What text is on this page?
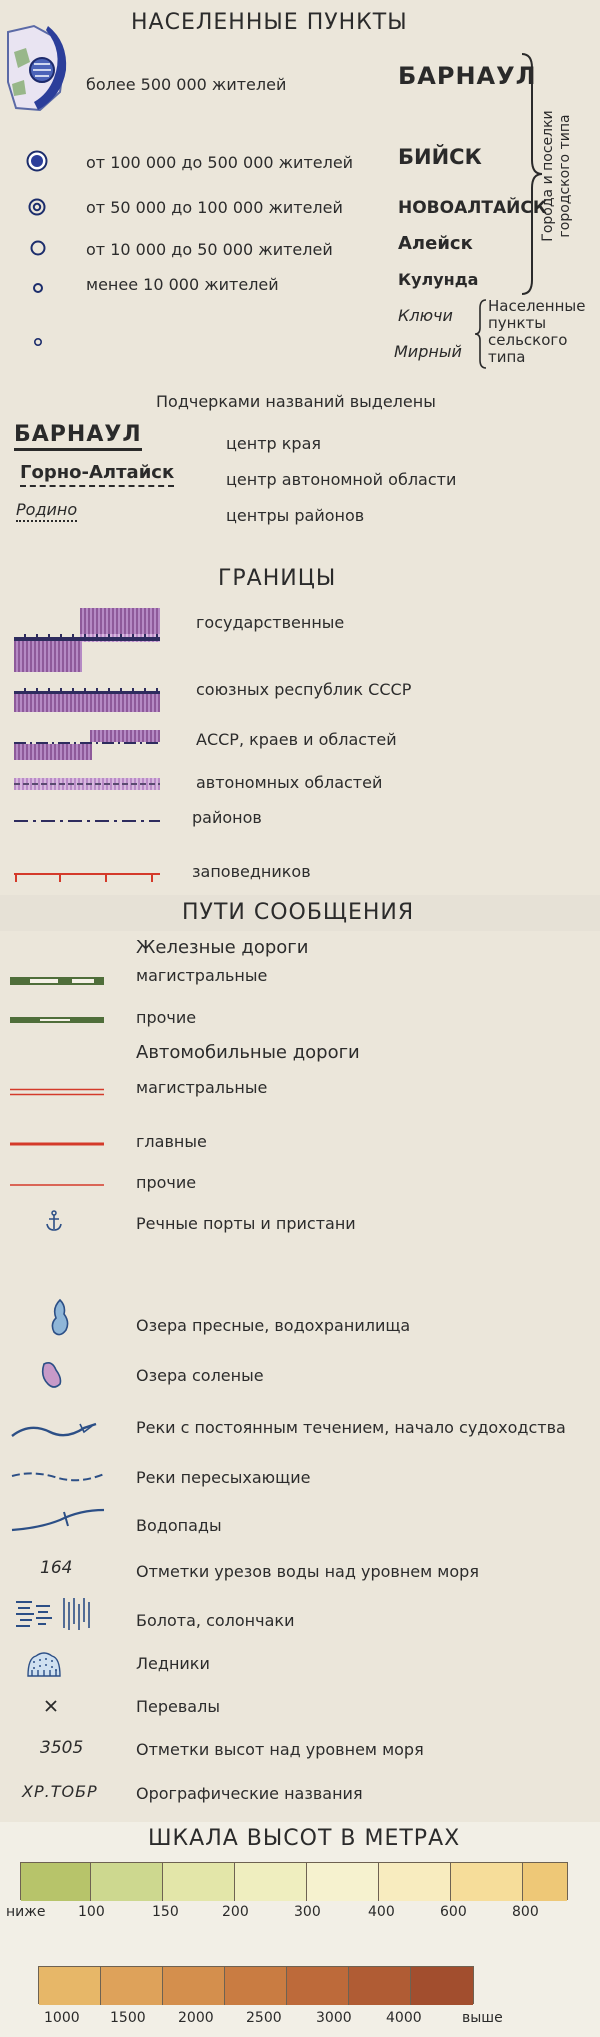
НАСЕЛЕННЫЕ ПУНКТЫ
более 500 000 жителей	БАРНАУЛ
от 100 000 до 500 000 жителей БИЙСК
от 50 000 до 100 000 жителей	НОВОАЛТАЙСК
от 10 000 до 50 000 жителей	Алейск
менее 10 000 жителей	Кулунда
Ключи
Мирный
Города и поселки городского типа
Населенные
пункты
сельского
типа
Подчерками названий выделены
БАРНАУЛ	центр края
Горно-Алтайск	центр автономной области
Родино	центры районов
ГРАНИЦЫ
государственные
союзных республик СССР
АССР, краев и областей
автономных областей
районов
заповедников
ПУТИ СООБЩЕНИЯ
Железные дороги
магистральные
прочие
Автомобильные дороги
магистральные
главные
прочие
Речные порты и пристани
Озера пресные, водохранилища
Озера соленые
Реки с постоянным течением, начало судоходства
Реки пересыхающие
Водопады
164	Отметки урезов воды над уровнем моря
Болота, солончаки
Ледники
Перевалы
3505	Отметки высот над уровнем моря
ХР.ТОБР Орографические названия
ШКАЛА ВЫСОТ В МЕТРАХ
ниже 100	150	200	300	400	600	800
1000 1500 2000 2500 3000 4000	выше
